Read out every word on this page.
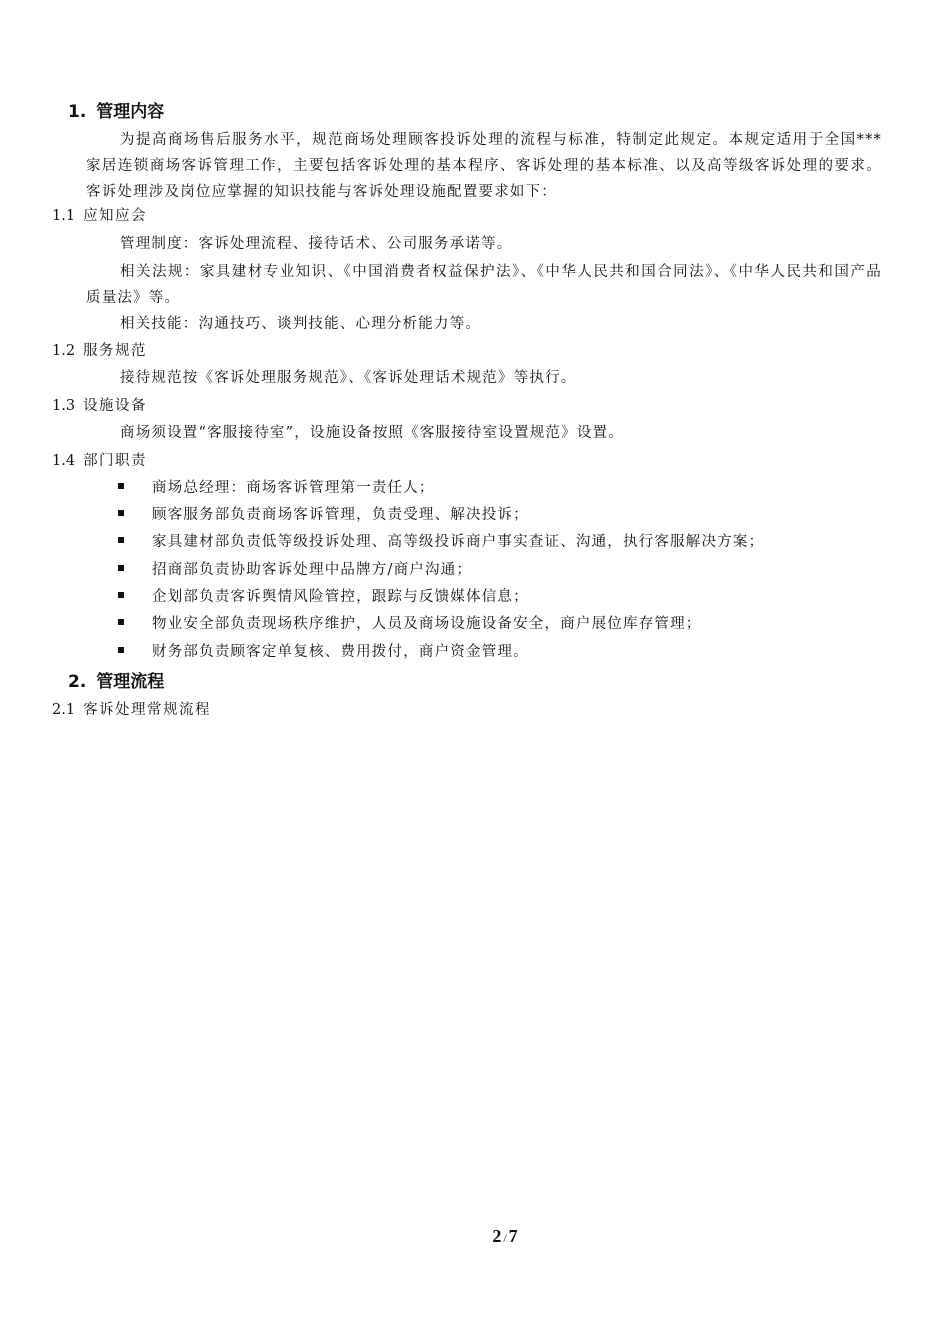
1. 管理内容

为提高商场售后服务水平，规范商场处理顾客投诉处理的流程与标准，特制定此规定。本规定适用于全国***家居连锁商场客诉管理工作，主要包括客诉处理的基本程序、客诉处理的基本标准、以及高等级客诉处理的要求。客诉处理涉及岗位应掌握的知识技能与客诉处理设施配置要求如下：

1.1 应知应会
管理制度：客诉处理流程、接待话术、公司服务承诺等。

相关法规：家具建材专业知识、《中国消费者权益保护法》、《中华人民共和国合同法》、《中华人民共和国产品质量法》等。

相关技能：沟通技巧、谈判技能、心理分析能力等。
1.2 服务规范
接待规范按《客诉处理服务规范》、《客诉处理话术规范》等执行。
1.3 设施设备
商场须设置“客服接待室”，设施设备按照《客服接待室设置规范》设置。
1.4 部门职责
商场总经理：商场客诉管理第一责任人；
顾客服务部负责商场客诉管理，负责受理、解决投诉；
家具建材部负责低等级投诉处理、高等级投诉商户事实查证、沟通，执行客服解决方案；
招商部负责协助客诉处理中品牌方/商户沟通；
企划部负责客诉舆情风险管控，跟踪与反馈媒体信息；
物业安全部负责现场秩序维护，人员及商场设施设备安全，商户展位库存管理；
财务部负责顾客定单复核、费用拨付，商户资金管理。
2. 管理流程
2.1 客诉处理常规流程
2 / 7
